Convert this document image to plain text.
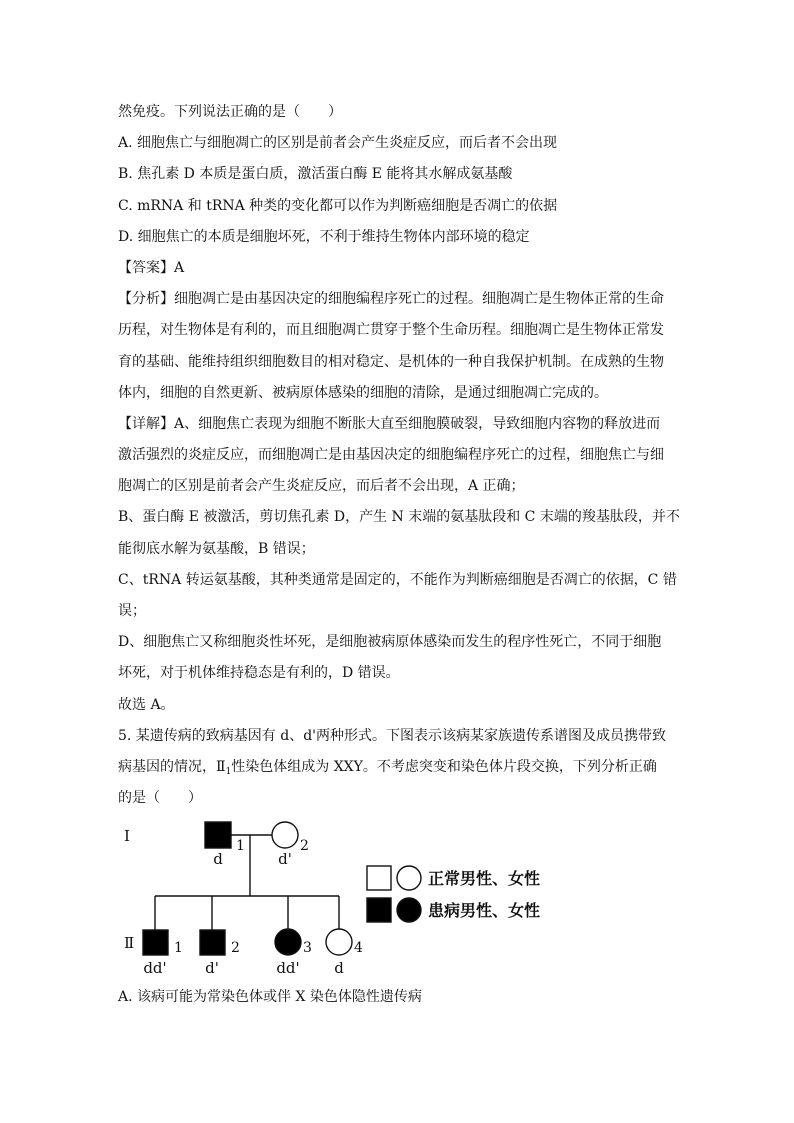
然免疫。下列说法正确的是（　　）
A. 细胞焦亡与细胞凋亡的区别是前者会产生炎症反应，而后者不会出现
B. 焦孔素 D 本质是蛋白质，激活蛋白酶 E 能将其水解成氨基酸
C. mRNA 和 tRNA 种类的变化都可以作为判断癌细胞是否凋亡的依据
D. 细胞焦亡的本质是细胞坏死，不利于维持生物体内部环境的稳定
【答案】A
【分析】细胞凋亡是由基因决定的细胞编程序死亡的过程。细胞凋亡是生物体正常的生命
历程，对生物体是有利的，而且细胞凋亡贯穿于整个生命历程。细胞凋亡是生物体正常发
育的基础、能维持组织细胞数目的相对稳定、是机体的一种自我保护机制。在成熟的生物
体内，细胞的自然更新、被病原体感染的细胞的清除，是通过细胞凋亡完成的。
【详解】A、细胞焦亡表现为细胞不断胀大直至细胞膜破裂，导致细胞内容物的释放进而
激活强烈的炎症反应，而细胞凋亡是由基因决定的细胞编程序死亡的过程，细胞焦亡与细
胞凋亡的区别是前者会产生炎症反应，而后者不会出现，A 正确；
B、蛋白酶 E 被激活，剪切焦孔素 D，产生 N 末端的氨基肽段和 C 末端的羧基肽段，并不
能彻底水解为氨基酸，B 错误；
C、tRNA 转运氨基酸，其种类通常是固定的，不能作为判断癌细胞是否凋亡的依据，C 错
误；
D、细胞焦亡又称细胞炎性坏死，是细胞被病原体感染而发生的程序性死亡，不同于细胞
坏死，对于机体维持稳态是有利的，D 错误。
故选 A。
5. 某遗传病的致病基因有 d、d'两种形式。下图表示该病某家族遗传系谱图及成员携带致
病基因的情况，$Ⅱ_1$性染色体组成为 XXY。不考虑突变和染色体片段交换，下列分析正确
的是（　　）
Ⅰ
Ⅱ
1
d
2
d'
1
dd'
2
d'
3
dd'
4
d
正常男性、女性
患病男性、女性
A. 该病可能为常染色体或伴 X 染色体隐性遗传病
